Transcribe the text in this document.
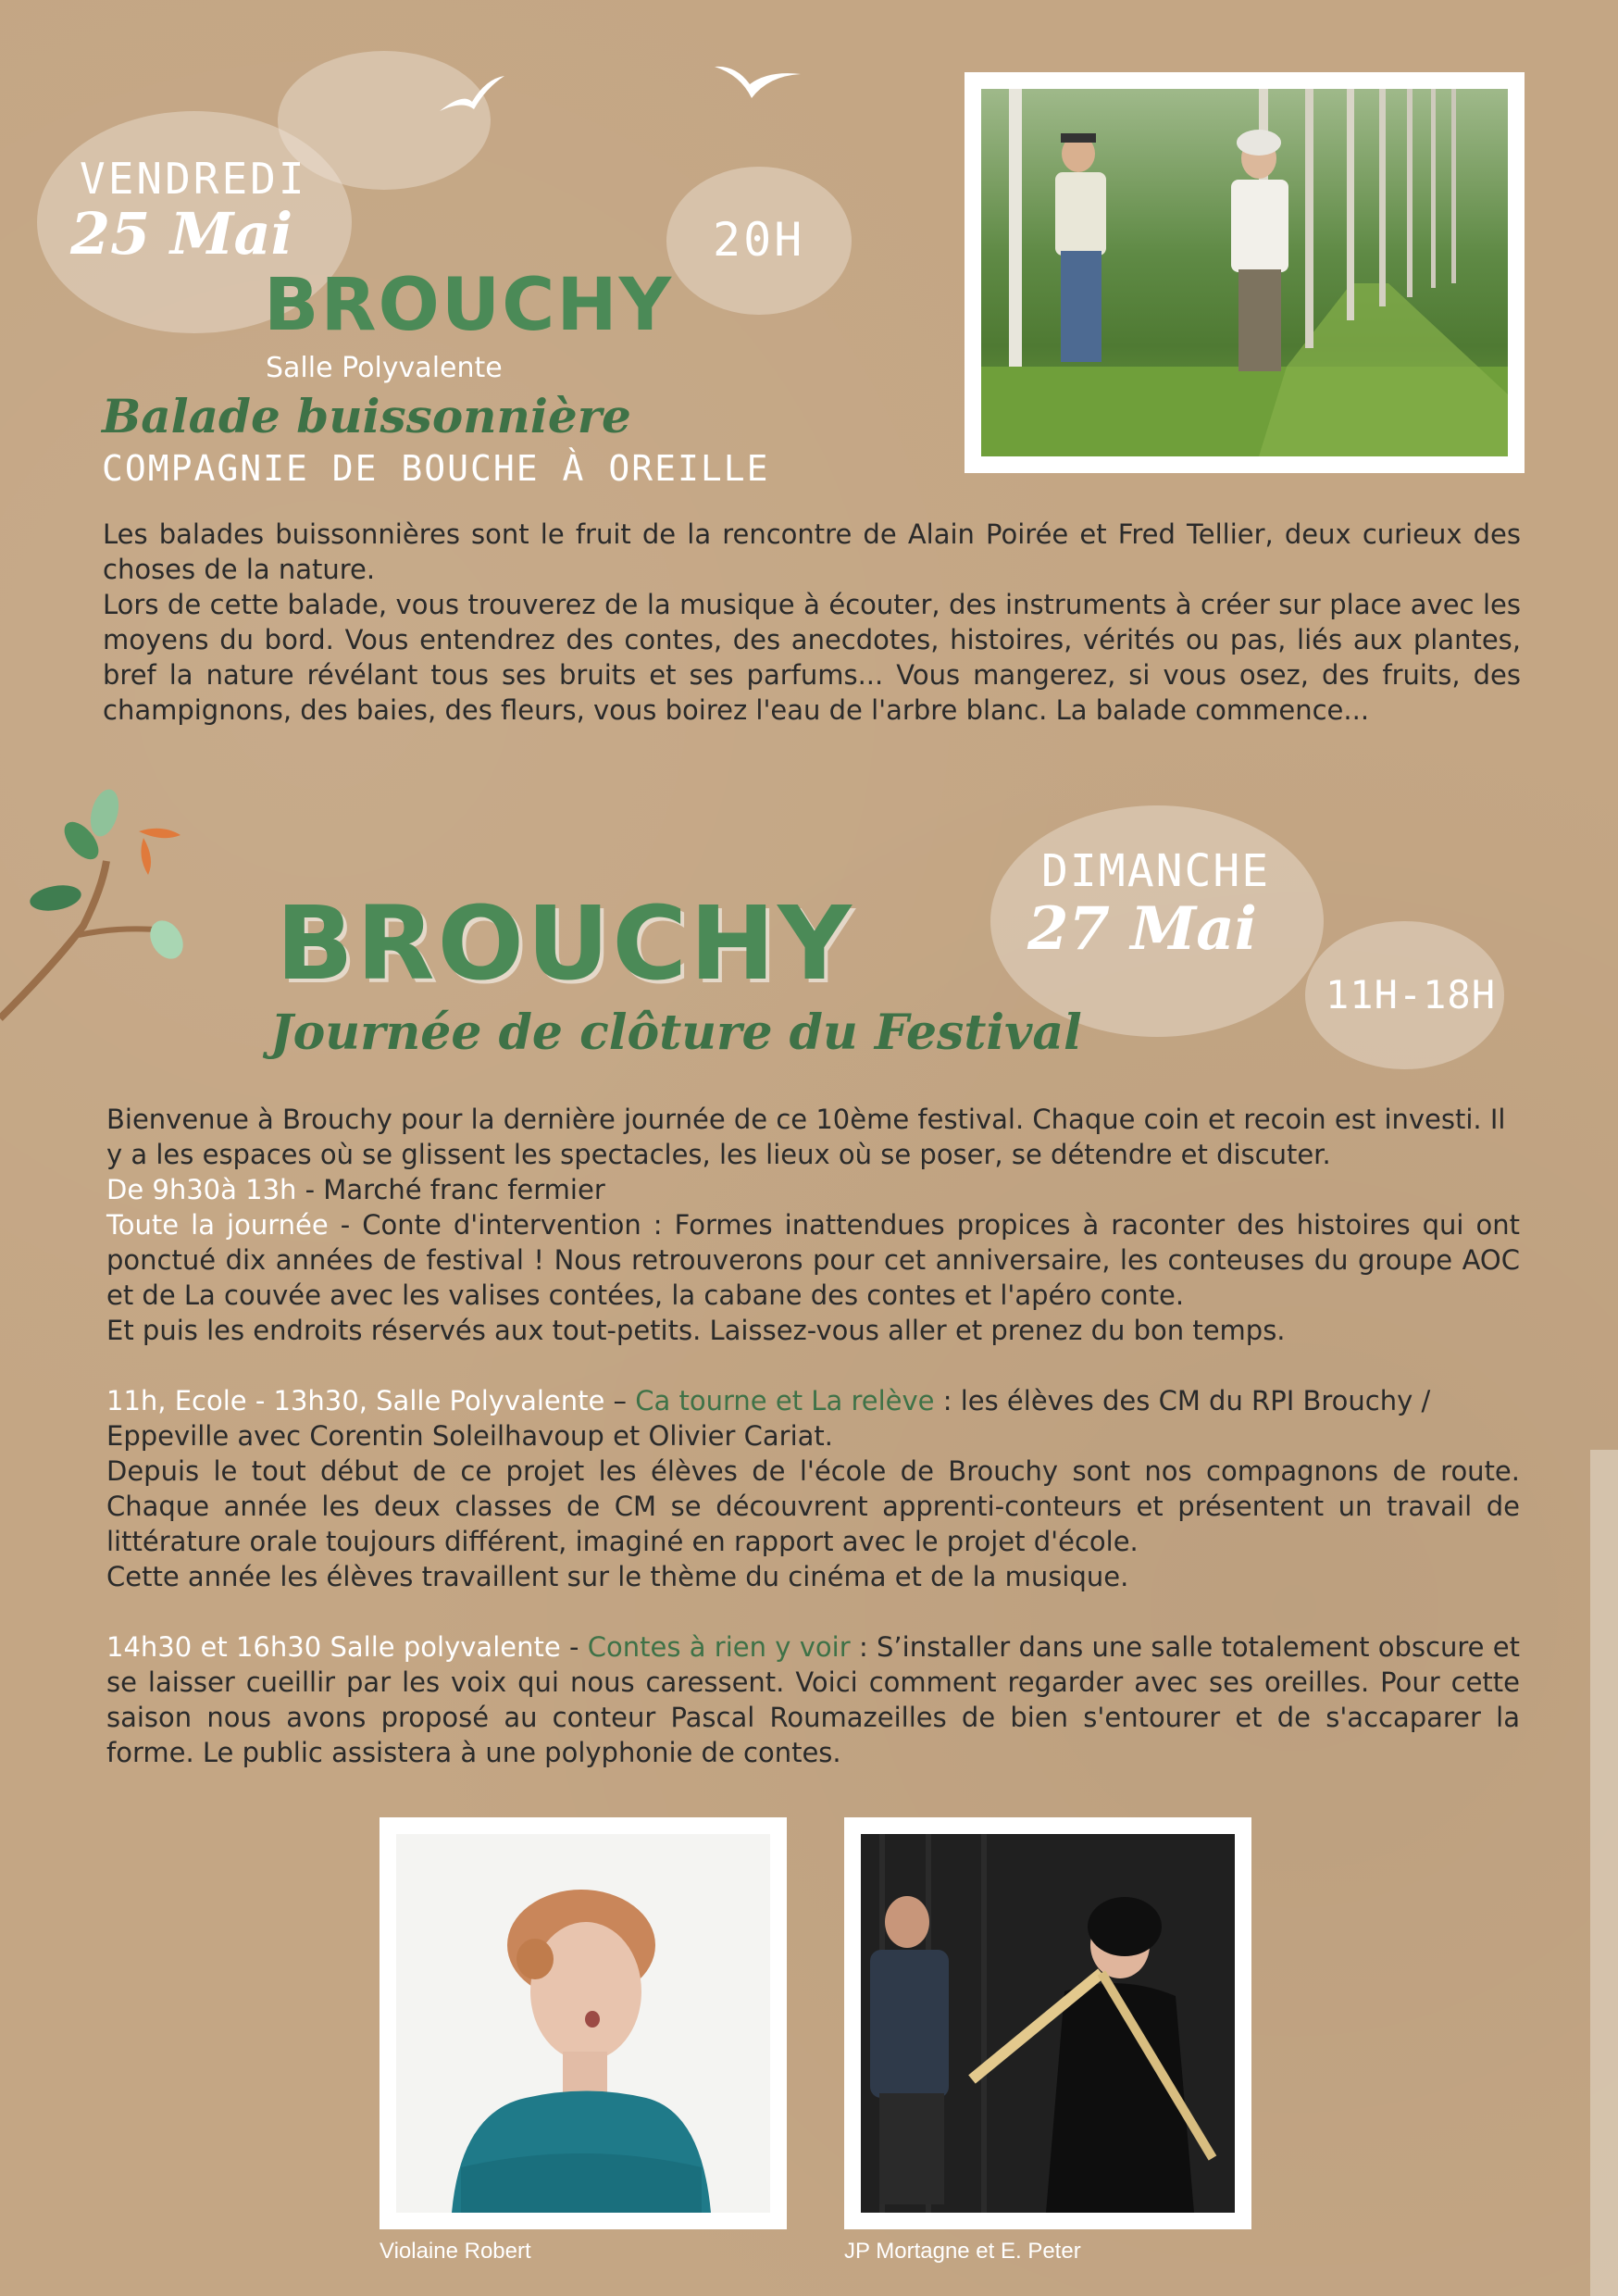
VENDREDI
25 Mai	20H
BROUCHY
Salle Polyvalente
Balade buissonnière
COMPAGNIE DE BOUCHE À OREILLE

Les balades buissonnières sont le fruit de la rencontre de Alain Poirée et Fred Tellier, deux curieux des choses de la nature.

Lors de cette balade, vous trouverez de la musique à écouter, des instruments à créer sur place avec les moyens du bord. Vous entendrez des contes, des anecdotes, histoires, vérités ou pas, liés aux plantes, bref la nature révélant tous ses bruits et ses parfums... Vous mangerez, si vous osez, des fruits, des champignons, des baies, des fleurs, vous boirez l'eau de l'arbre blanc. La balade commence...

DIMANCHE
27 Mai
11H-18H
BROUCHY
Journée de clôture du Festival

Bienvenue à Brouchy pour la dernière journée de ce 10ème festival. Chaque coin et recoin est investi. Il y a les espaces où se glissent les spectacles, les lieux où se poser, se détendre et discuter.

De 9h30à 13h - Marché franc fermier

Toute la journée - Conte d'intervention : Formes inattendues propices à raconter des histoires qui ont ponctué dix années de festival ! Nous retrouverons pour cet anniversaire, les conteuses du groupe AOC et de La couvée avec les valises contées, la cabane des contes et l'apéro conte.

Et puis les endroits réservés aux tout-petits. Laissez-vous aller et prenez du bon temps.

11h, Ecole - 13h30, Salle Polyvalente – Ca tourne et La relève : les élèves des CM du RPI Brouchy / Eppeville avec Corentin Soleilhavoup et Olivier Cariat.

Depuis le tout début de ce projet les élèves de l'école de Brouchy sont nos compagnons de route. Chaque année les deux classes de CM se découvrent apprenti-conteurs et présentent un travail de littérature orale toujours différent, imaginé en rapport avec le projet d'école.

Cette année les élèves travaillent sur le thème du cinéma et de la musique.

14h30 et 16h30 Salle polyvalente - Contes à rien y voir : S’installer dans une salle totalement obscure et se laisser cueillir par les voix qui nous caressent. Voici comment regarder avec ses oreilles. Pour cette saison nous avons proposé au conteur Pascal Roumazeilles de bien s'entourer et de s'accaparer la forme. Le public assistera à une polyphonie de contes.

Violaine Robert	JP Mortagne et E. Peter
